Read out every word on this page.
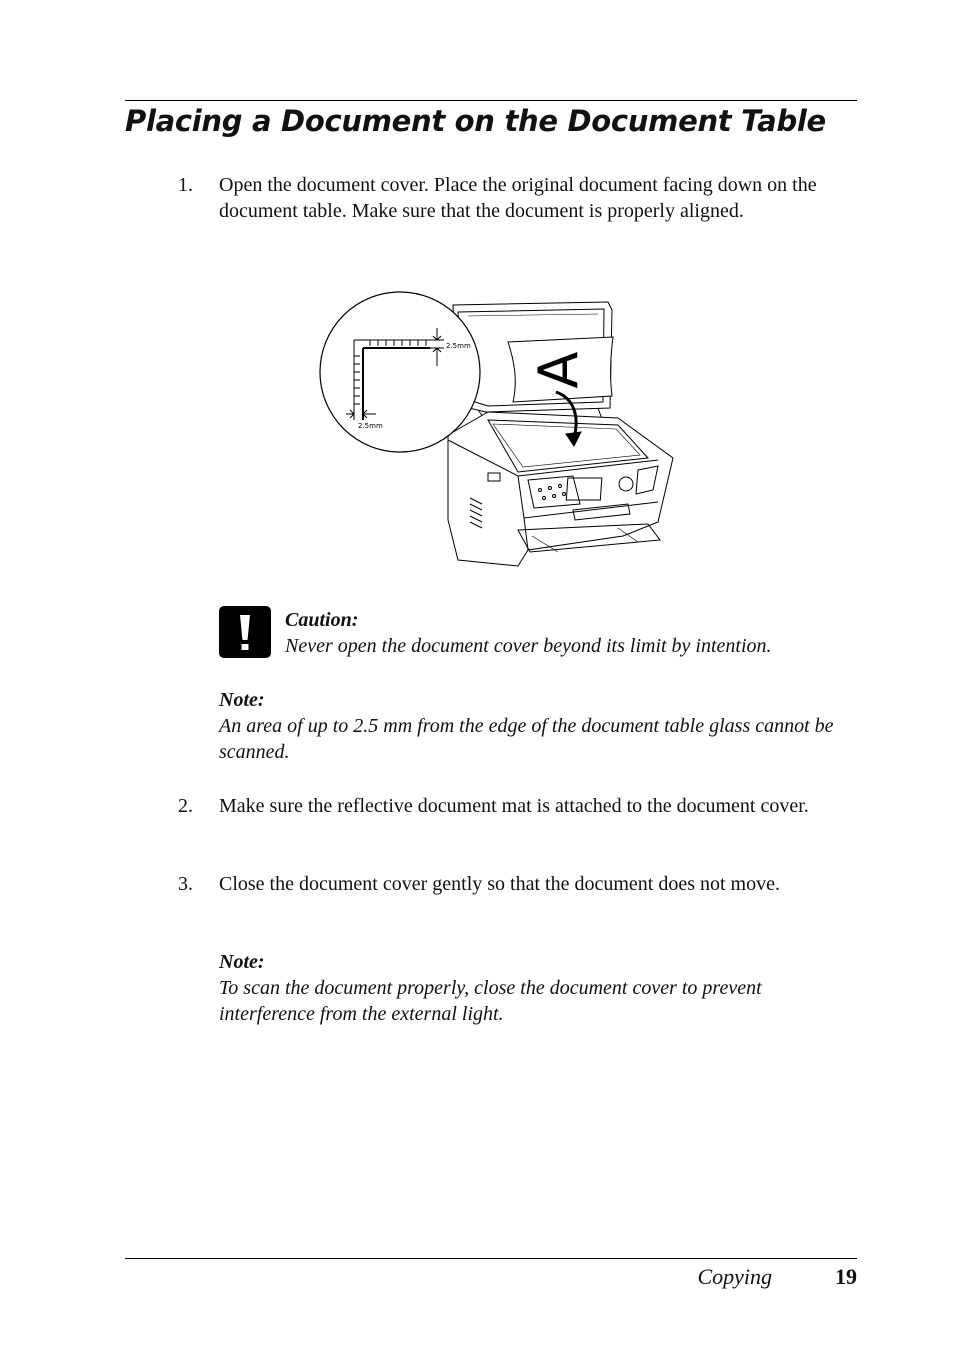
Placing a Document on the Document Table
1. Open the document cover. Place the original document facing down on the document table. Make sure that the document is properly aligned.

A
2.5mm
2.5mm
Caution:
Never open the document cover beyond its limit by intention.
Note:

An area of up to 2.5 mm from the edge of the document table glass cannot be scanned.

2. Make sure the reflective document mat is attached to the document cover.

3. Close the document cover gently so that the document does not move.

Note:

To scan the document properly, close the document cover to prevent interference from the external light.

Copying	19
